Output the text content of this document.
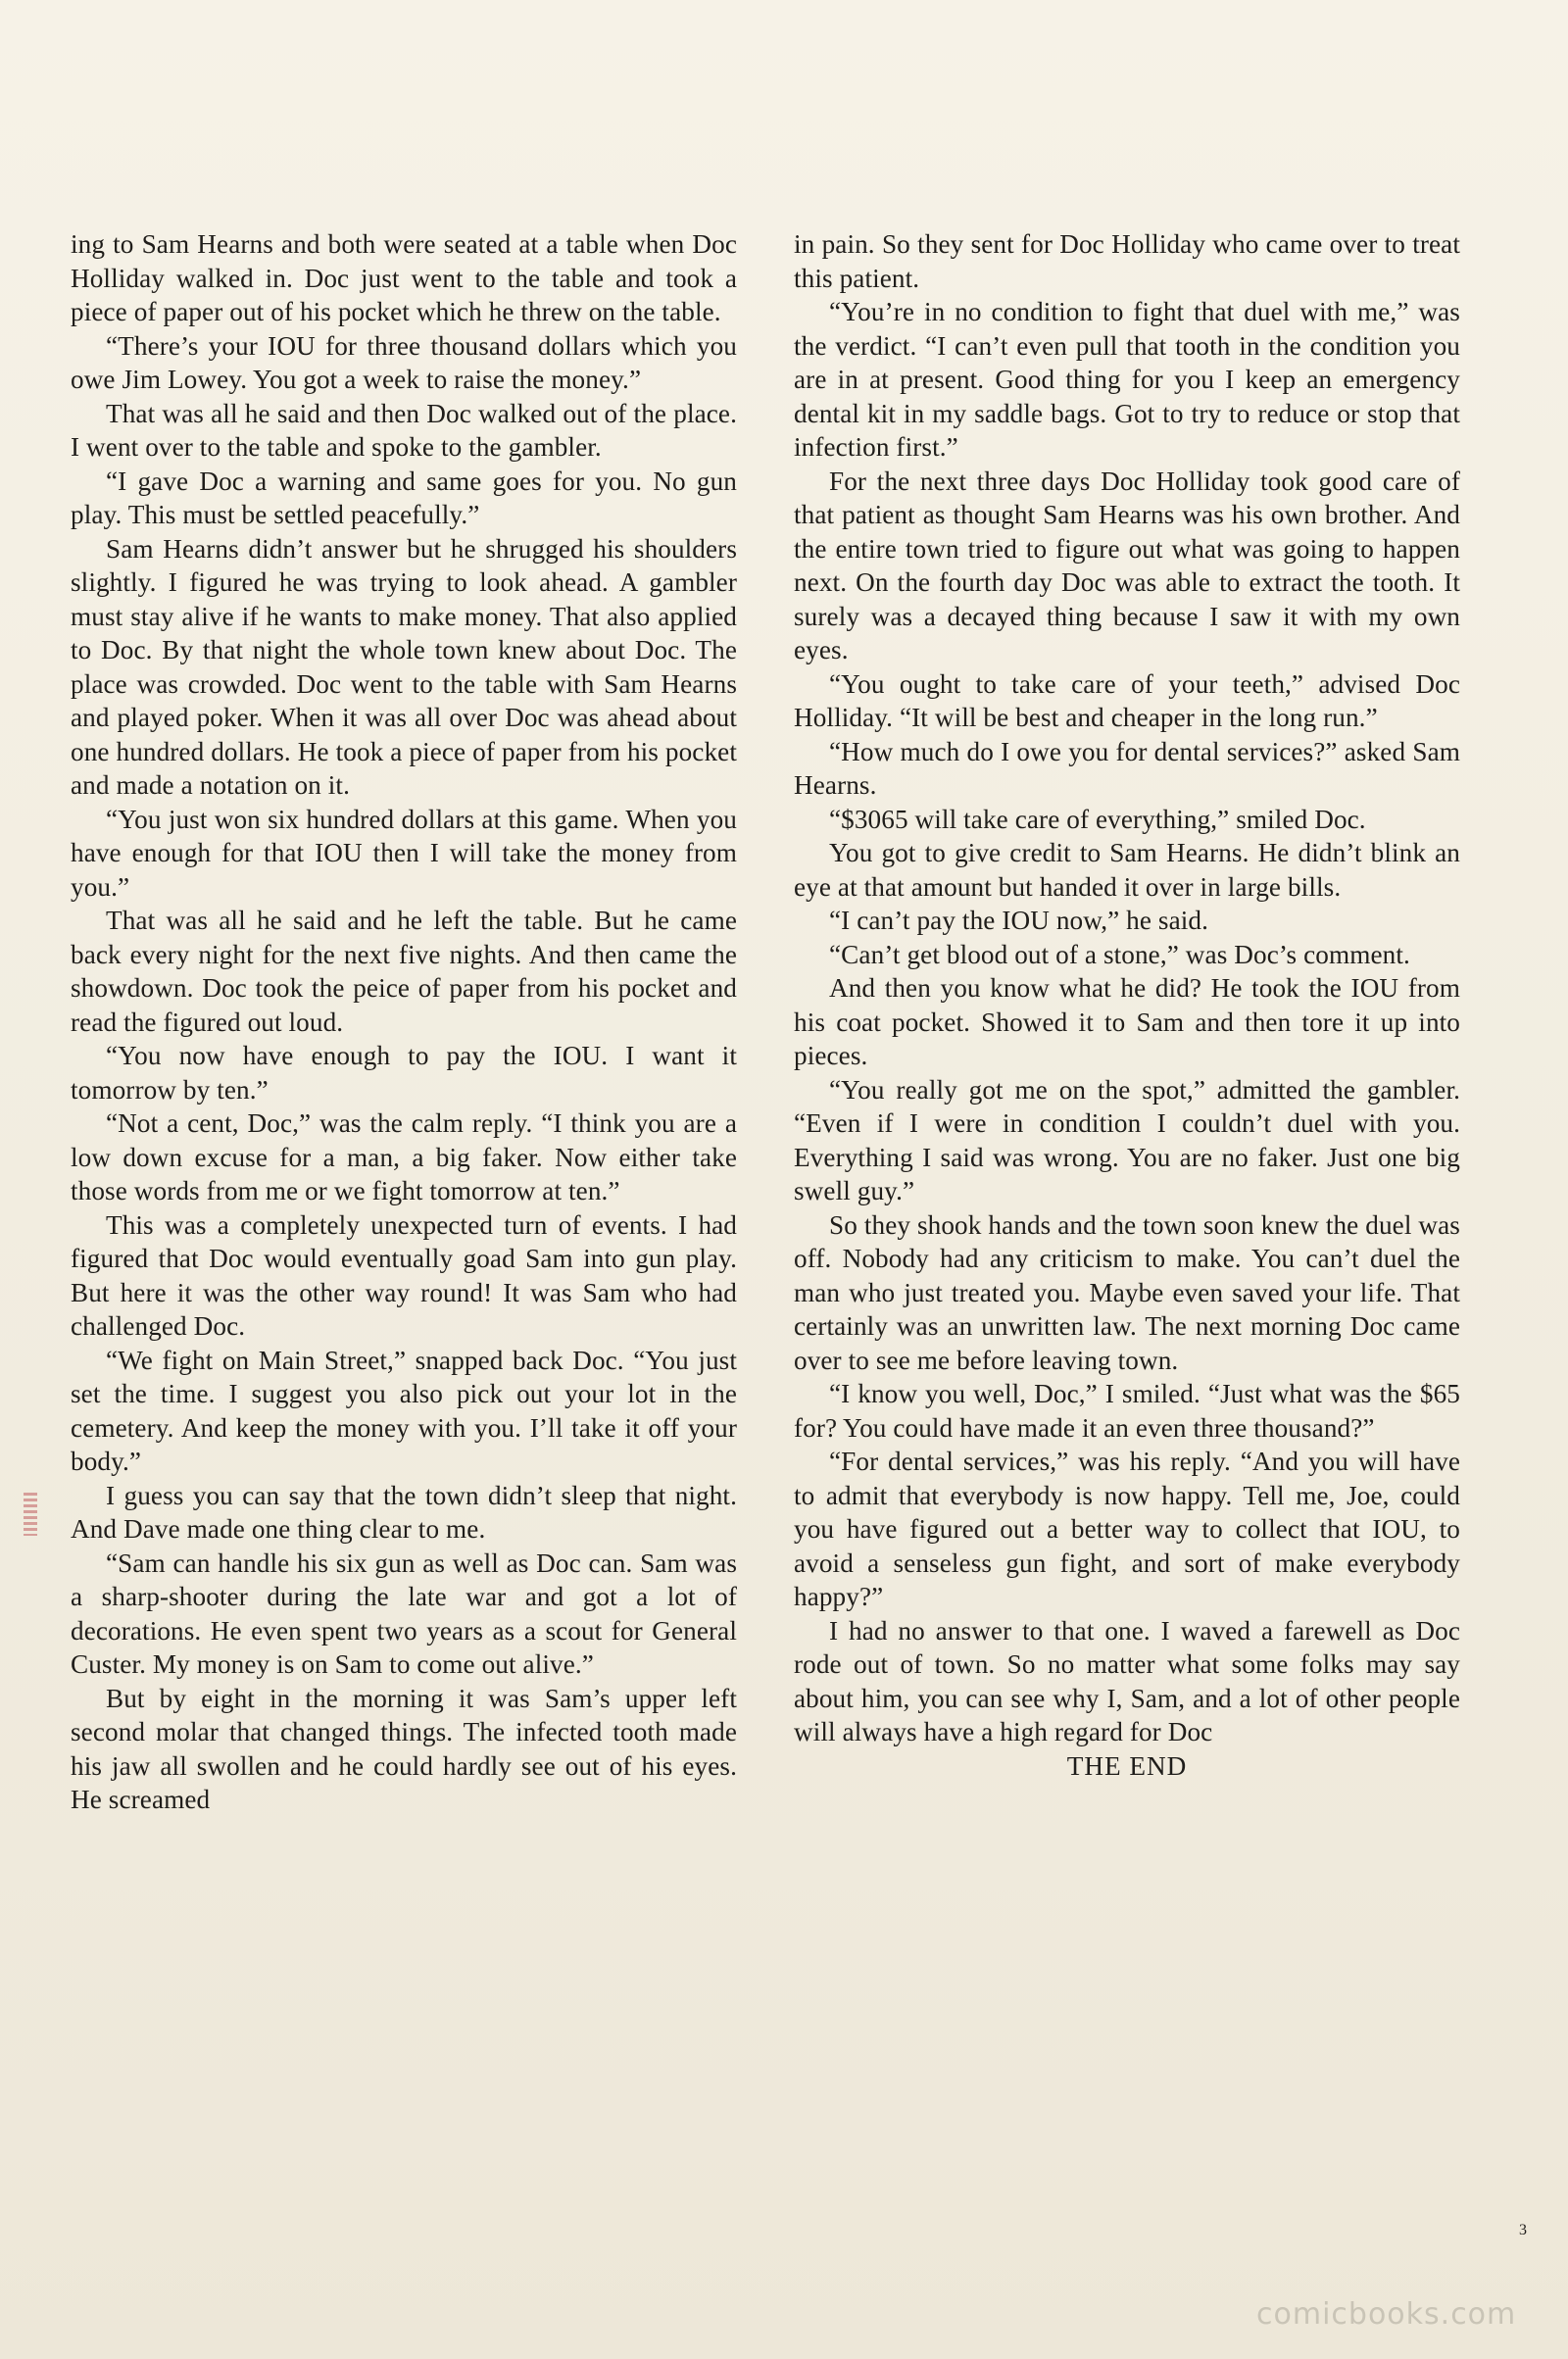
ing to Sam Hearns and both were seated at a table when Doc Holliday walked in. Doc just went to the table and took a piece of paper out of his pocket which he threw on the table.

“There’s your IOU for three thousand dollars which you owe Jim Lowey. You got a week to raise the money.”

That was all he said and then Doc walked out of the place. I went over to the table and spoke to the gambler.

“I gave Doc a warning and same goes for you. No gun play. This must be settled peacefully.”

Sam Hearns didn’t answer but he shrugged his shoulders slightly. I figured he was trying to look ahead. A gambler must stay alive if he wants to make money. That also applied to Doc. By that night the whole town knew about Doc. The place was crowded. Doc went to the table with Sam Hearns and played poker. When it was all over Doc was ahead about one hundred dollars. He took a piece of paper from his pocket and made a notation on it.

“You just won six hundred dollars at this game. When you have enough for that IOU then I will take the money from you.”

That was all he said and he left the table. But he came back every night for the next five nights. And then came the showdown. Doc took the peice of paper from his pocket and read the figured out loud.

“You now have enough to pay the IOU. I want it tomorrow by ten.”

“Not a cent, Doc,” was the calm reply. “I think you are a low down excuse for a man, a big faker. Now either take those words from me or we fight tomorrow at ten.”

This was a completely unexpected turn of events. I had figured that Doc would eventually goad Sam into gun play. But here it was the other way round! It was Sam who had challenged Doc.

“We fight on Main Street,” snapped back Doc. “You just set the time. I suggest you also pick out your lot in the cemetery. And keep the money with you. I’ll take it off your body.”

I guess you can say that the town didn’t sleep that night. And Dave made one thing clear to me.

“Sam can handle his six gun as well as Doc can. Sam was a sharp-shooter during the late war and got a lot of decorations. He even spent two years as a scout for General Custer. My money is on Sam to come out alive.”

But by eight in the morning it was Sam’s upper left second molar that changed things. The infected tooth made his jaw all swollen and he could hardly see out of his eyes. He screamed

in pain. So they sent for Doc Holliday who came over to treat this patient.

“You’re in no condition to fight that duel with me,” was the verdict. “I can’t even pull that tooth in the condition you are in at present. Good thing for you I keep an emergency dental kit in my saddle bags. Got to try to reduce or stop that infection first.”

For the next three days Doc Holliday took good care of that patient as thought Sam Hearns was his own brother. And the entire town tried to figure out what was going to happen next. On the fourth day Doc was able to extract the tooth. It surely was a decayed thing because I saw it with my own eyes.

“You ought to take care of your teeth,” advised Doc Holliday. “It will be best and cheaper in the long run.”

“How much do I owe you for dental services?” asked Sam Hearns.

“$3065 will take care of everything,” smiled Doc.

You got to give credit to Sam Hearns. He didn’t blink an eye at that amount but handed it over in large bills.

“I can’t pay the IOU now,” he said.

“Can’t get blood out of a stone,” was Doc’s comment.

And then you know what he did? He took the IOU from his coat pocket. Showed it to Sam and then tore it up into pieces.

“You really got me on the spot,” admitted the gambler. “Even if I were in condition I couldn’t duel with you. Everything I said was wrong. You are no faker. Just one big swell guy.”

So they shook hands and the town soon knew the duel was off. Nobody had any criticism to make. You can’t duel the man who just treated you. Maybe even saved your life. That certainly was an unwritten law. The next morning Doc came over to see me before leaving town.

“I know you well, Doc,” I smiled. “Just what was the $65 for? You could have made it an even three thousand?”

“For dental services,” was his reply. “And you will have to admit that everybody is now happy. Tell me, Joe, could you have figured out a better way to collect that IOU, to avoid a senseless gun fight, and sort of make everybody happy?”

I had no answer to that one. I waved a farewell as Doc rode out of town. So no matter what some folks may say about him, you can see why I, Sam, and a lot of other people will always have a high regard for Doc

THE END

3
comicbooks.com
